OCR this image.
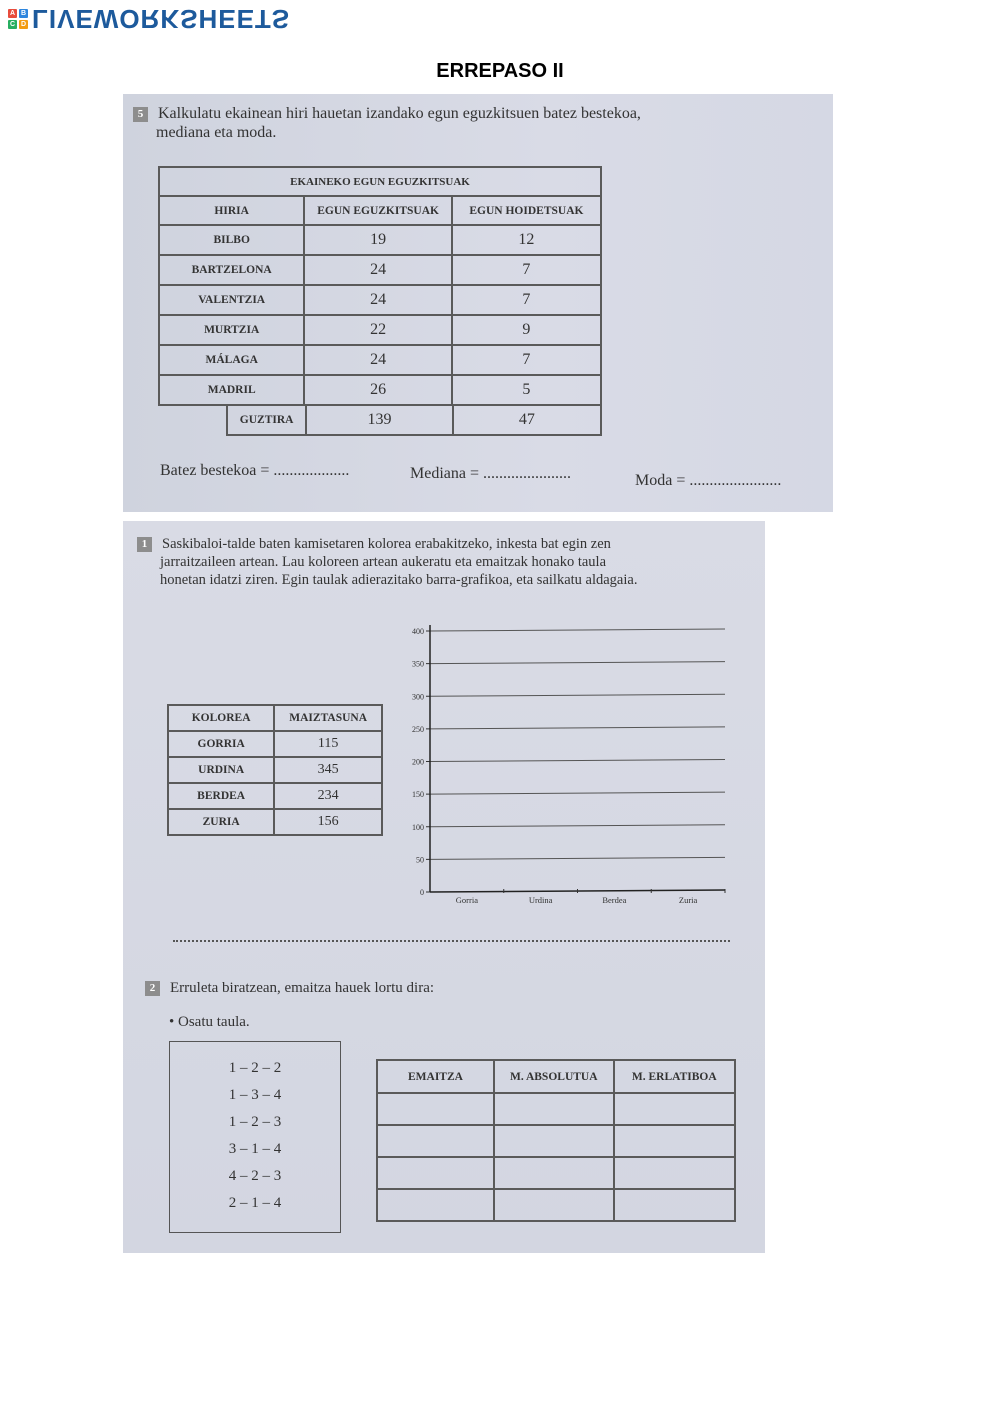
A B
C D LIVEWORKSHEETS
ERREPASO II
5 Kalkulatu ekainean hiri hauetan izandako egun eguzkitsuen batez bestekoa,
mediana eta moda.
EKAINEKO EGUN EGUZKITSUAK		
HIRIA	EGUN EGUZKITSUAK	EGUN HOIDETSUAK
BILBO	19	12
BARTZELONA	24	7
VALENTZIA	24	7
MURTZIA	22	9
MÁLAGA	24	7
MADRIL	26	5
GUZTIRA	139	47
Batez bestekoa = ...................	Mediana = ......................	Moda = .......................
1 Saskibaloi-talde baten kamisetaren kolorea erabakitzeko, inkesta bat egin zen
jarraitzaileen artean. Lau koloreen artean aukeratu eta emaitzak honako taula
honetan idatzi ziren. Egin taulak adierazitako barra-grafikoa, eta sailkatu aldagaia.
KOLOREA	MAIZTASUNA
GORRIA	115
URDINA	345
BERDEA	234
ZURIA	156
2 Erruleta biratzean, emaitza hauek lortu dira:
• Osatu taula.
EMAITZA	M. ABSOLUTUA	M. ERLATIBOA

0
50
100
150
200
250
300
350
400
Gorria	Urdina	Berdea	Zuria
1 – 2 – 2
1 – 3 – 4
1 – 2 – 3
3 – 1 – 4
4 – 2 – 3
2 – 1 – 4
